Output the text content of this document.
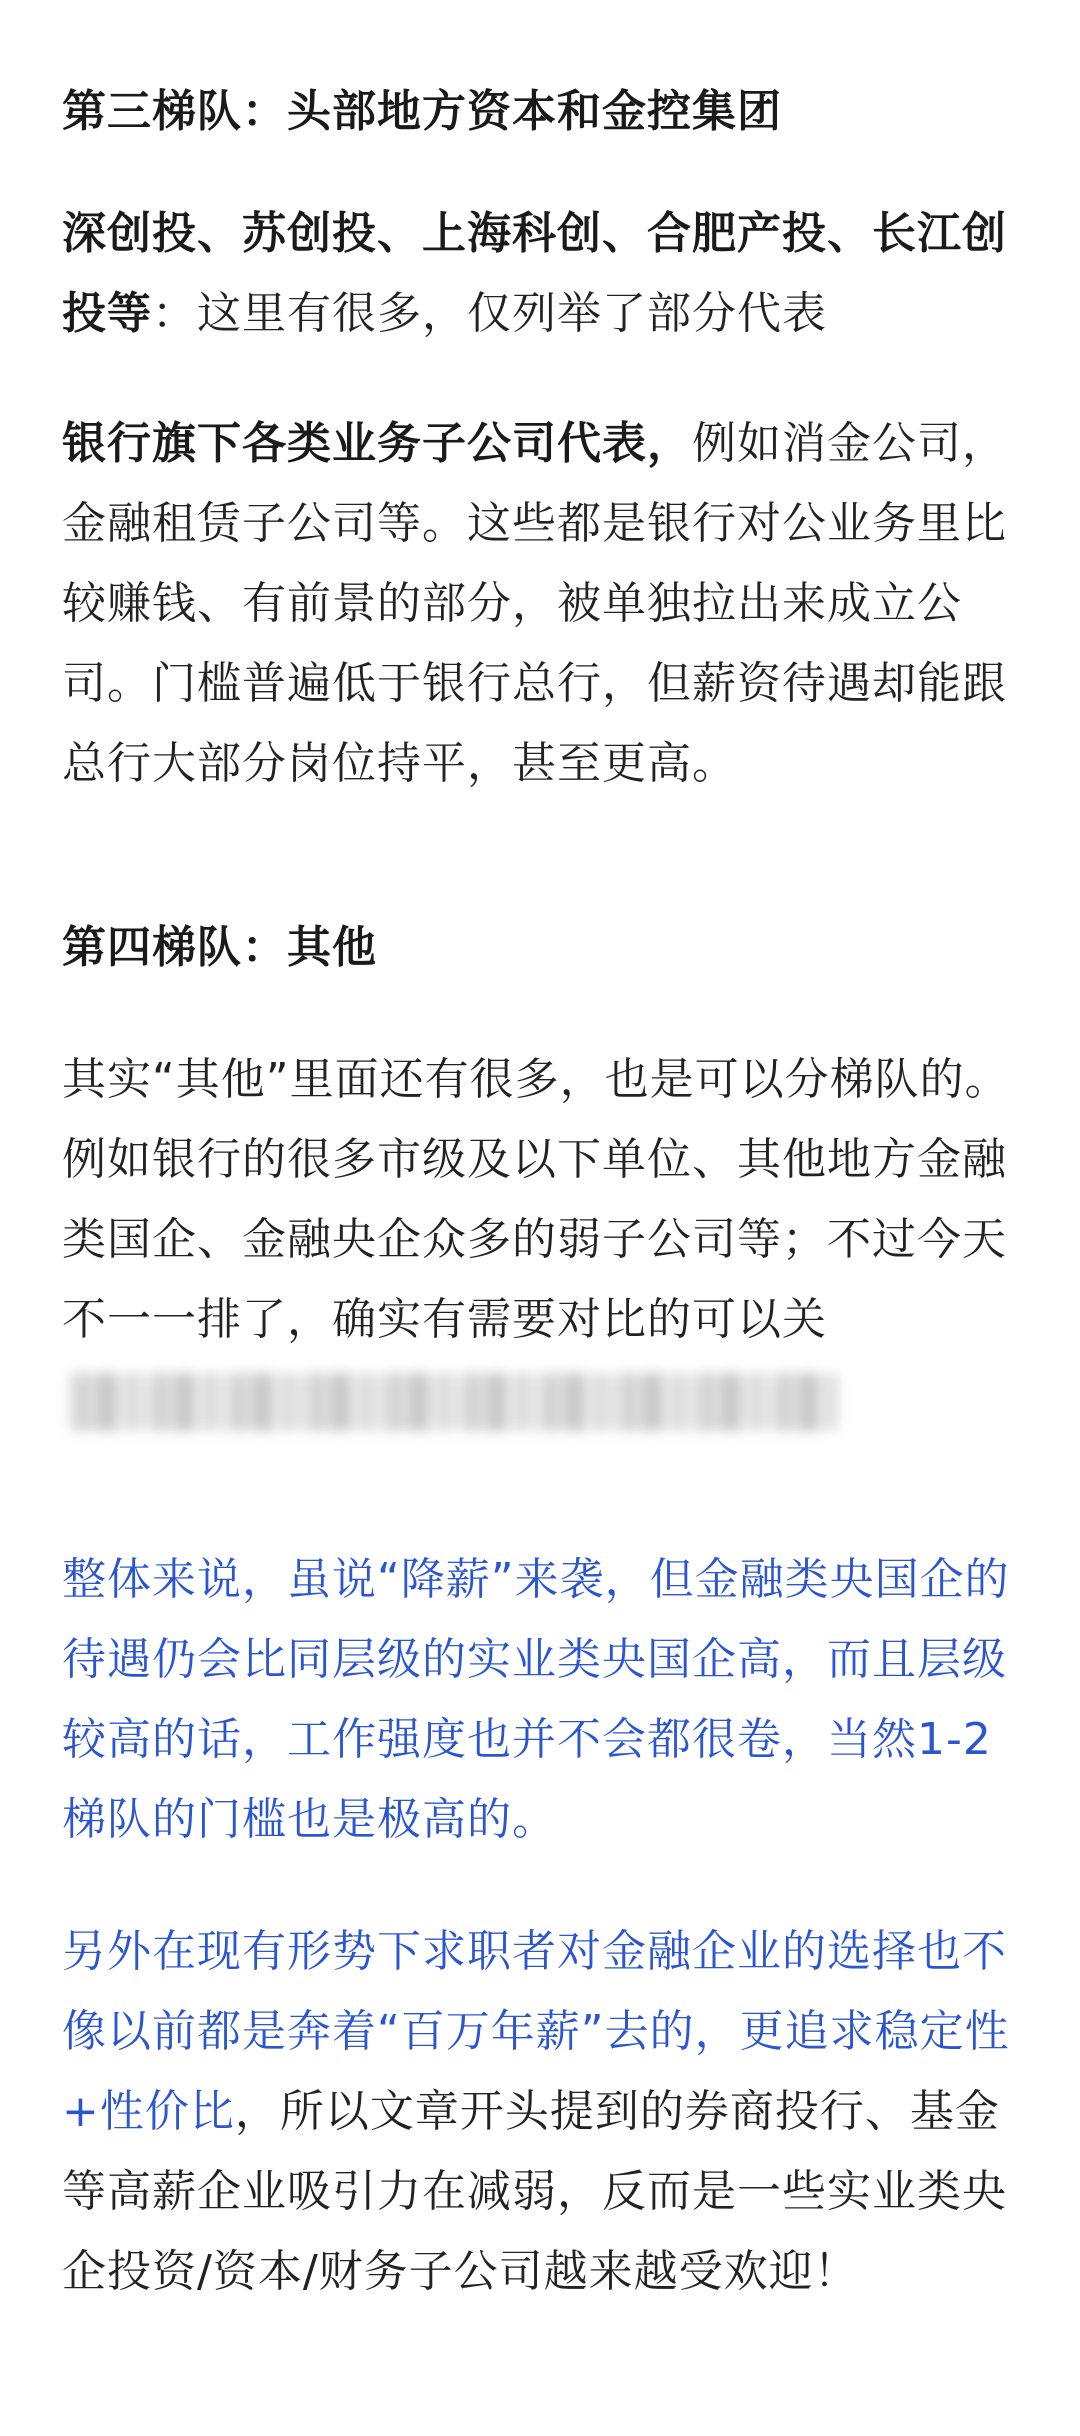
第三梯队：头部地方资本和金控集团

深创投、苏创投、上海科创、合肥产投、长江创投等：这里有很多，仅列举了部分代表

银行旗下各类业务子公司代表，例如消金公司，金融租赁子公司等。这些都是银行对公业务里比较赚钱、有前景的部分，被单独拉出来成立公司。门槛普遍低于银行总行，但薪资待遇却能跟总行大部分岗位持平，甚至更高。

第四梯队：其他

其实“其他”里面还有很多，也是可以分梯队的。例如银行的很多市级及以下单位、其他地方金融类国企、金融央企众多的弱子公司等；不过今天不一一排了，确实有需要对比的可以关

整体来说，虽说“降薪”来袭，但金融类央国企的待遇仍会比同层级的实业类央国企高，而且层级较高的话，工作强度也并不会都很卷，当然1-2梯队的门槛也是极高的。

另外在现有形势下求职者对金融企业的选择也不像以前都是奔着“百万年薪”去的，更追求稳定性+性价比，所以文章开头提到的券商投行、基金等高薪企业吸引力在减弱，反而是一些实业类央企投资/资本/财务子公司越来越受欢迎！
